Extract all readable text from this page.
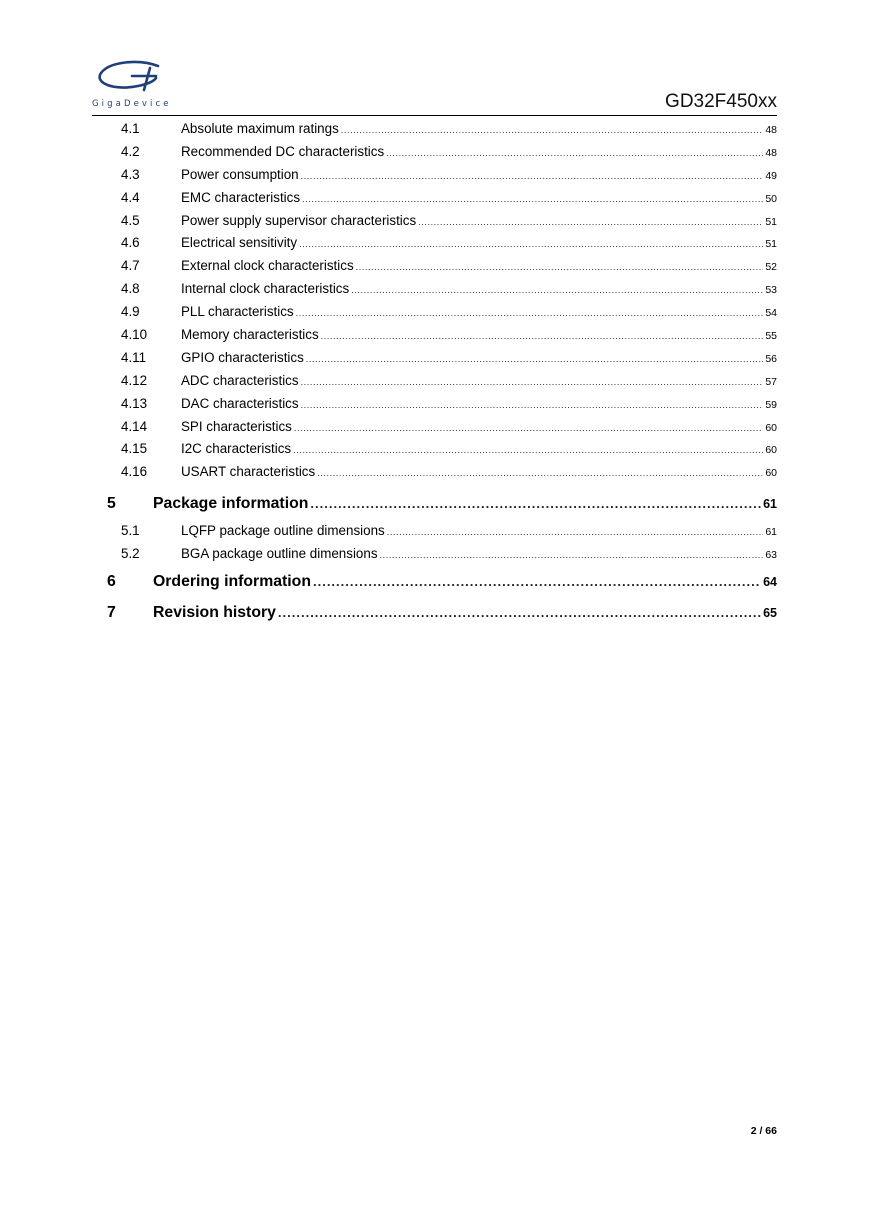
GigaDevice	GD32F450xx
4.1	Absolute maximum ratings .....	48
4.2	Recommended DC characteristics .....	48
4.3	Power consumption .....	49
4.4	EMC characteristics .....	50
4.5	Power supply supervisor characteristics .....	51
4.6	Electrical sensitivity .....	51
4.7	External clock characteristics .....	52
4.8	Internal clock characteristics .....	53
4.9	PLL characteristics .....	54
4.10	Memory characteristics .....	55
4.11	GPIO characteristics .....	56
4.12	ADC characteristics .....	57
4.13	DAC characteristics .....	59
4.14	SPI characteristics .....	60
4.15	I2C characteristics .....	60
4.16	USART characteristics .....	60
5	Package information .....	61
5.1	LQFP package outline dimensions .....	61
5.2	BGA package outline dimensions .....	63
6	Ordering information .....	64
7	Revision history .....	65
2 / 66
